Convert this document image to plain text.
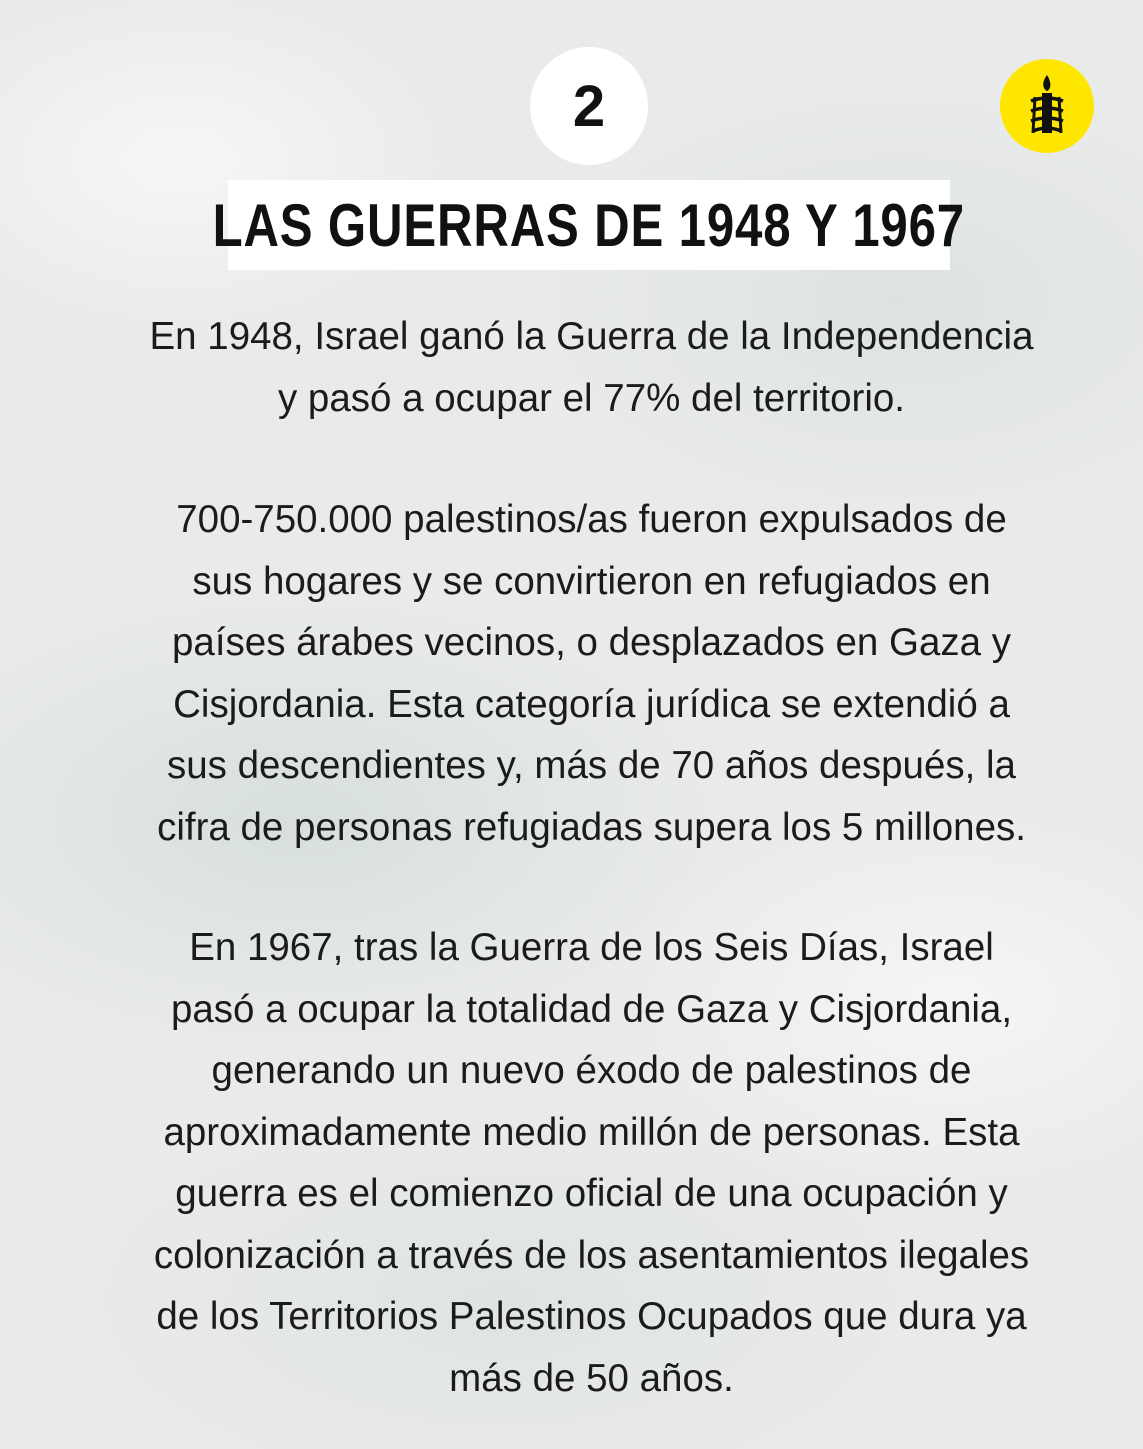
2
LAS GUERRAS DE 1948 Y 1967
En 1948, Israel ganó la Guerra de la Independencia
y pasó a ocupar el 77% del territorio.
700-750.000 palestinos/as fueron expulsados de
sus hogares y se convirtieron en refugiados en
países árabes vecinos, o desplazados en Gaza y
Cisjordania. Esta categoría jurídica se extendió a
sus descendientes y, más de 70 años después, la
cifra de personas refugiadas supera los 5 millones.
En 1967, tras la Guerra de los Seis Días, Israel
pasó a ocupar la totalidad de Gaza y Cisjordania,
generando un nuevo éxodo de palestinos de
aproximadamente medio millón de personas. Esta
guerra es el comienzo oficial de una ocupación y
colonización a través de los asentamientos ilegales
de los Territorios Palestinos Ocupados que dura ya
más de 50 años.
